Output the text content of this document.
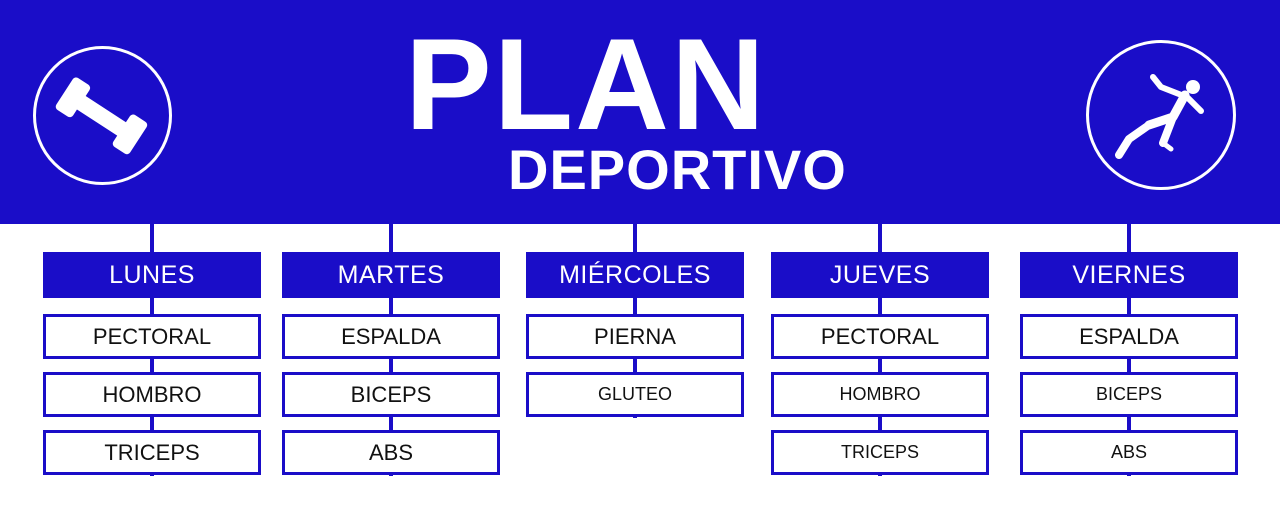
PLAN
DEPORTIVO
LUNES
PECTORAL
HOMBRO
TRICEPS
MARTES
ESPALDA
BICEPS
ABS
MIÉRCOLES
PIERNA
GLUTEO
JUEVES
PECTORAL
HOMBRO
TRICEPS
VIERNES
ESPALDA
BICEPS
ABS
